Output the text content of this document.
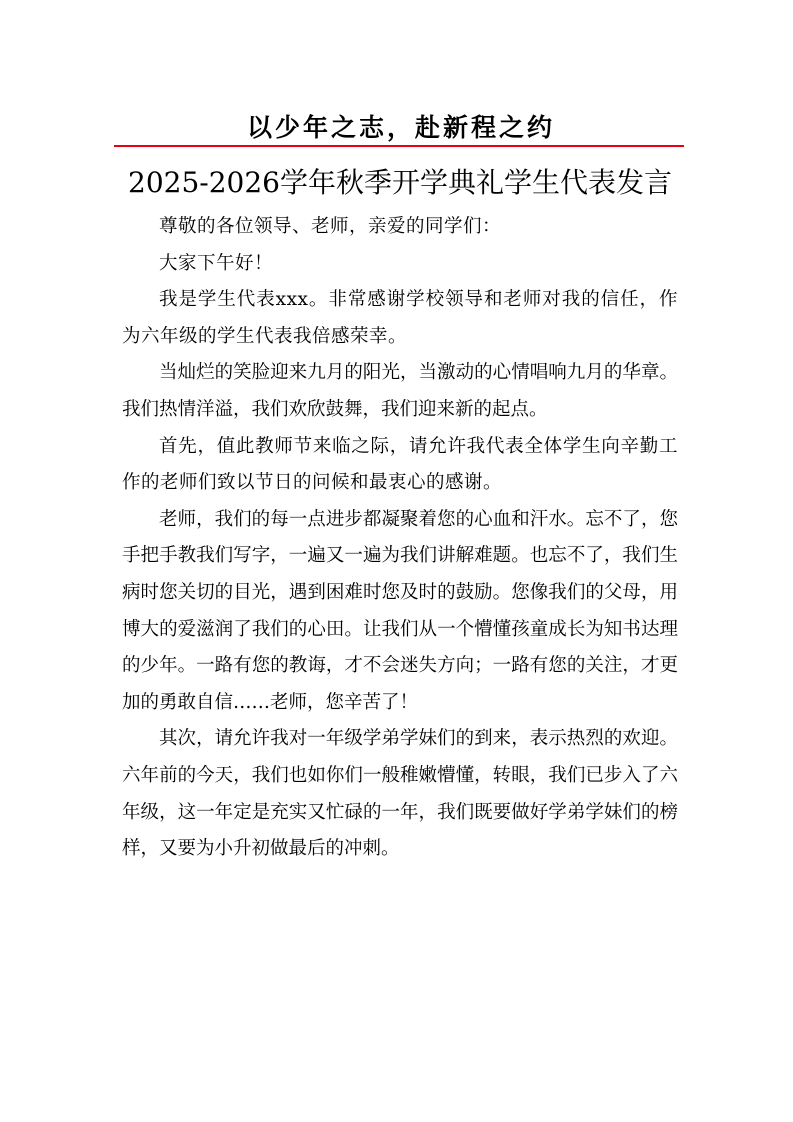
以少年之志，赴新程之约
2025-2026学年秋季开学典礼学生代表发言

尊敬的各位领导、老师，亲爱的同学们：

大家下午好！

我是学生代表xxx。非常感谢学校领导和老师对我的信任，作为六年级的学生代表我倍感荣幸。

当灿烂的笑脸迎来九月的阳光，当激动的心情唱响九月的华章。我们热情洋溢，我们欢欣鼓舞，我们迎来新的起点。

首先，值此教师节来临之际，请允许我代表全体学生向辛勤工作的老师们致以节日的问候和最衷心的感谢。

老师，我们的每一点进步都凝聚着您的心血和汗水。忘不了，您手把手教我们写字，一遍又一遍为我们讲解难题。也忘不了，我们生病时您关切的目光，遇到困难时您及时的鼓励。您像我们的父母，用博大的爱滋润了我们的心田。让我们从一个懵懂孩童成长为知书达理的少年。一路有您的教诲，才不会迷失方向；一路有您的关注，才更加的勇敢自信……老师，您辛苦了！

其次，请允许我对一年级学弟学妹们的到来，表示热烈的欢迎。六年前的今天，我们也如你们一般稚嫩懵懂，转眼，我们已步入了六年级，这一年定是充实又忙碌的一年，我们既要做好学弟学妹们的榜样，又要为小升初做最后的冲刺。
